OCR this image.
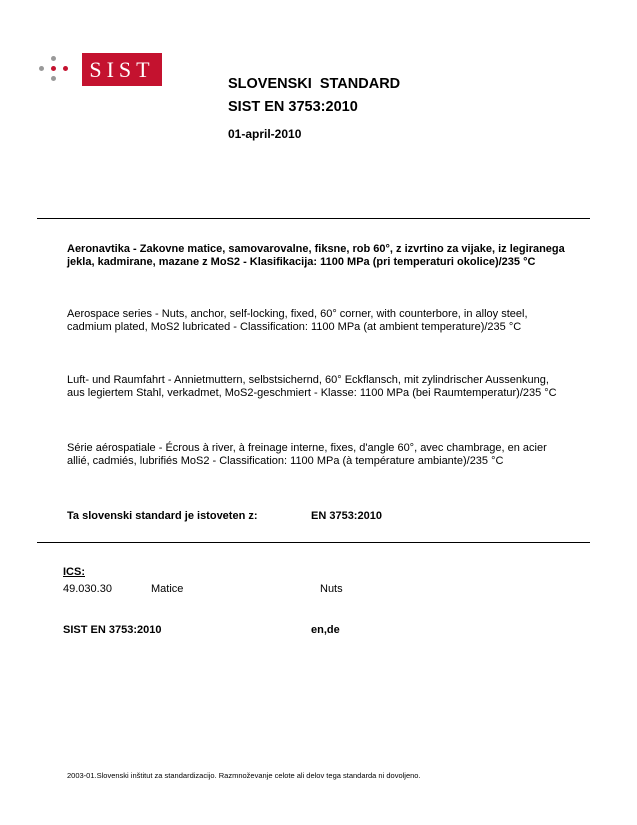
SIST
SLOVENSKI  STANDARD
SIST EN 3753:2010
01-april-2010
Aeronavtika - Zakovne matice, samovarovalne, fiksne, rob 60°, z izvrtino za vijake, iz legiranega jekla, kadmirane, mazane z MoS2 - Klasifikacija: 1100 MPa (pri temperaturi okolice)/235 °C
Aerospace series - Nuts, anchor, self-locking, fixed, 60° corner, with counterbore, in alloy steel, cadmium plated, MoS2 lubricated - Classification: 1100 MPa (at ambient temperature)/235 °C
Luft- und Raumfahrt - Annietmuttern, selbstsichernd, 60° Eckflansch, mit zylindrischer Aussenkung, aus legiertem Stahl, verkadmet, MoS2-geschmiert - Klasse: 1100 MPa (bei Raumtemperatur)/235 °C
Série aérospatiale - Écrous à river, à freinage interne, fixes, d'angle 60°, avec chambrage, en acier allié, cadmiés, lubrifiés MoS2 - Classification: 1100 MPa (à température ambiante)/235 °C
Ta slovenski standard je istoveten z:	EN 3753:2010
ICS:
49.030.30	Matice	Nuts
SIST EN 3753:2010	en,de
2003-01.Slovenski inštitut za standardizacijo. Razmnoževanje celote ali delov tega standarda ni dovoljeno.
